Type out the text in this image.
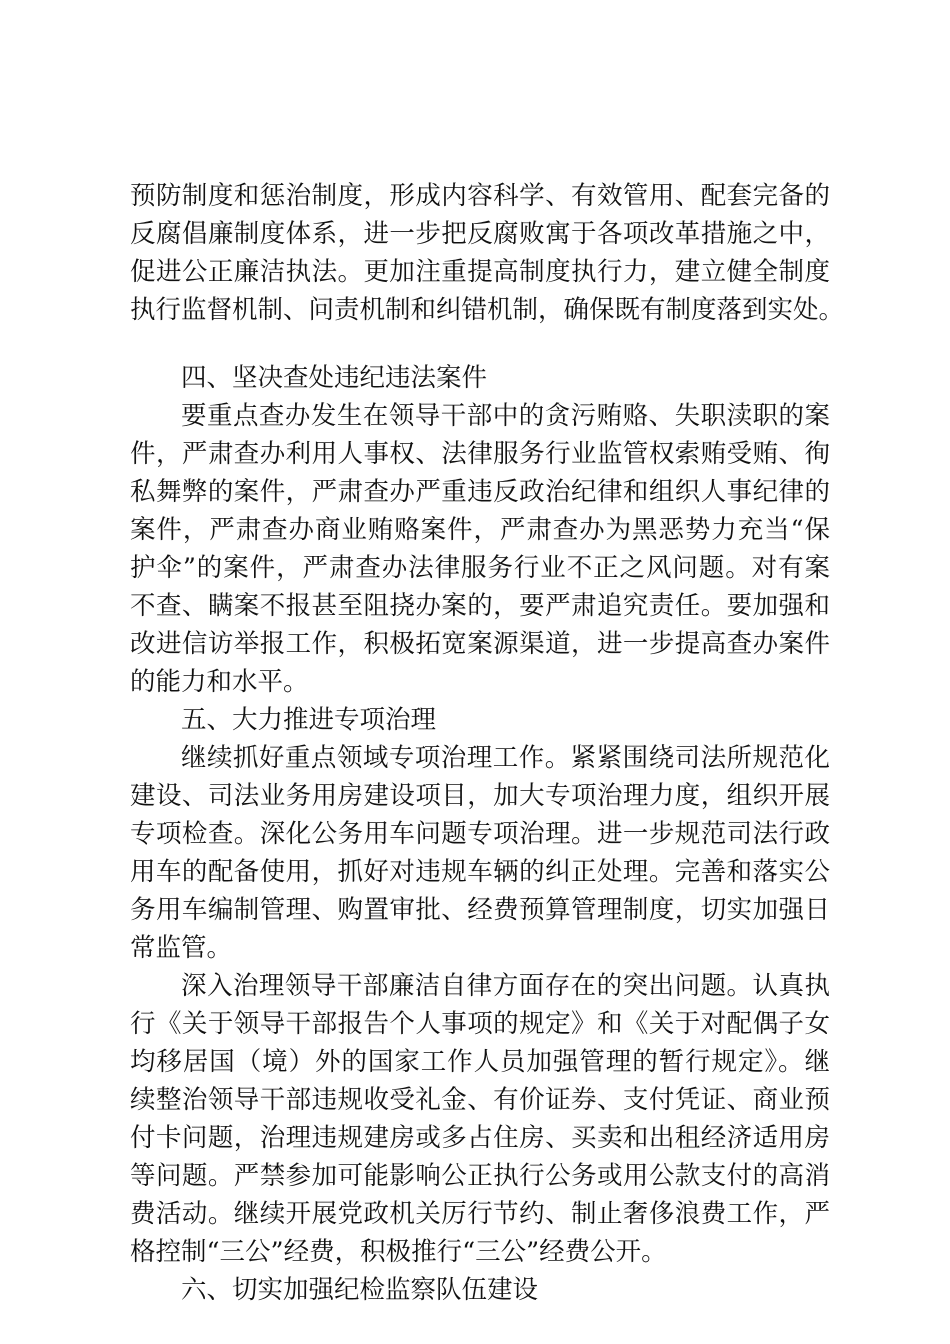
预防制度和惩治制度，形成内容科学、有效管用、配套完备的
反腐倡廉制度体系，进一步把反腐败寓于各项改革措施之中，
促进公正廉洁执法。更加注重提高制度执行力，建立健全制度
执行监督机制、问责机制和纠错机制，确保既有制度落到实处。
四、坚决查处违纪违法案件
要重点查办发生在领导干部中的贪污贿赂、失职渎职的案
件，严肃查办利用人事权、法律服务行业监管权索贿受贿、徇
私舞弊的案件，严肃查办严重违反政治纪律和组织人事纪律的
案件，严肃查办商业贿赂案件，严肃查办为黑恶势力充当“保
护伞”的案件，严肃查办法律服务行业不正之风问题。对有案
不查、瞒案不报甚至阻挠办案的，要严肃追究责任。要加强和
改进信访举报工作，积极拓宽案源渠道，进一步提高查办案件
的能力和水平。
五、大力推进专项治理
继续抓好重点领域专项治理工作。紧紧围绕司法所规范化
建设、司法业务用房建设项目，加大专项治理力度，组织开展
专项检查。深化公务用车问题专项治理。进一步规范司法行政
用车的配备使用，抓好对违规车辆的纠正处理。完善和落实公
务用车编制管理、购置审批、经费预算管理制度，切实加强日
常监管。
深入治理领导干部廉洁自律方面存在的突出问题。认真执
行《关于领导干部报告个人事项的规定》和《关于对配偶子女
均移居国（境）外的国家工作人员加强管理的暂行规定》。继
续整治领导干部违规收受礼金、有价证券、支付凭证、商业预
付卡问题，治理违规建房或多占住房、买卖和出租经济适用房
等问题。严禁参加可能影响公正执行公务或用公款支付的高消
费活动。继续开展党政机关厉行节约、制止奢侈浪费工作，严
格控制“三公”经费，积极推行“三公”经费公开。
六、切实加强纪检监察队伍建设
